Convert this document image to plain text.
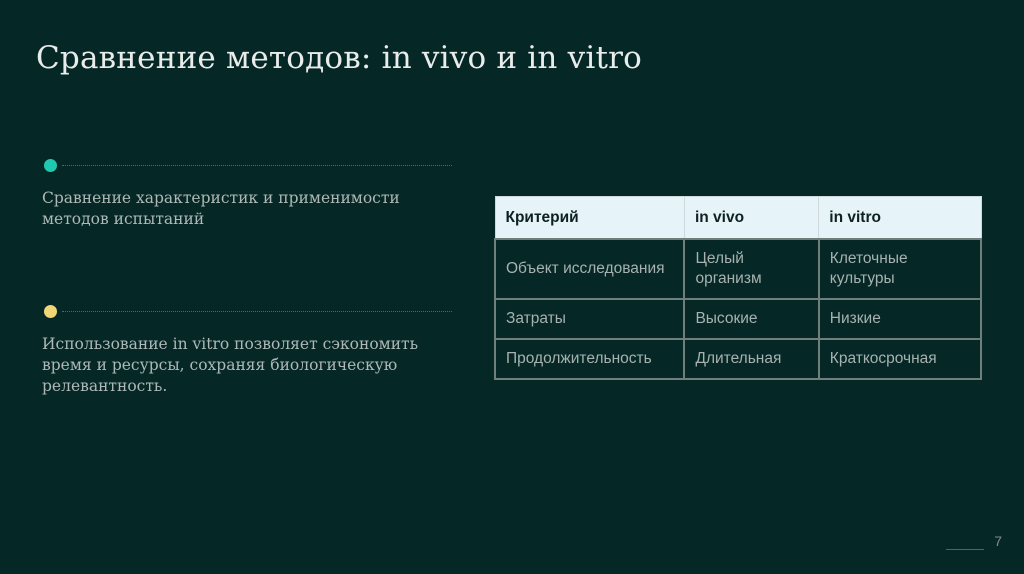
Сравнение методов: in vivo и in vitro
Сравнение характеристик и применимости методов испытаний
Использование in vitro позволяет сэкономить время и ресурсы, сохраняя биологическую релевантность.
Критерий	in vivo	in vitro
Объект исследования	Целый организм	Клеточные культуры
Затраты	Высокие	Низкие
Продолжительность	Длительная	Краткосрочная
7
